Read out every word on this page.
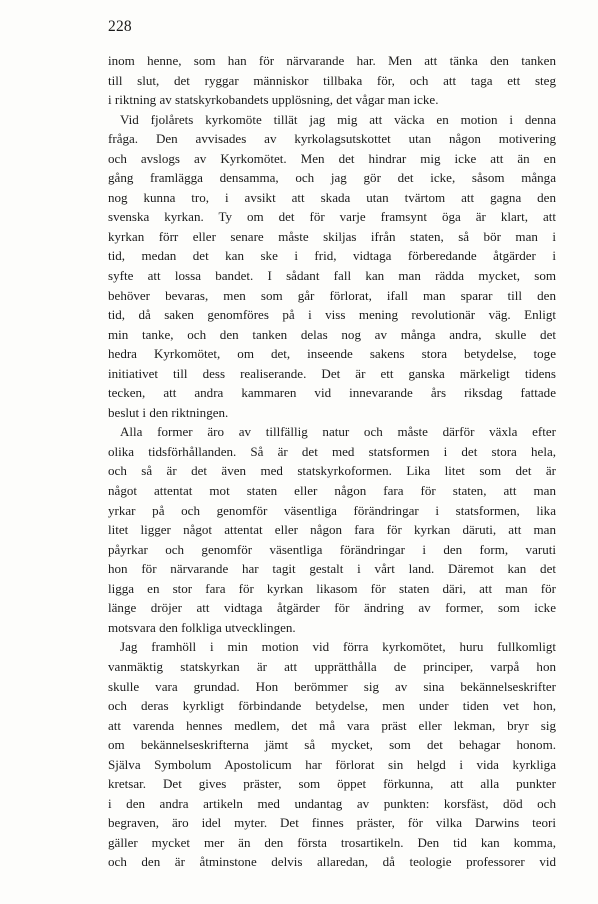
228
inom henne, som han för närvarande har. Men att tänka den tanken
till slut, det ryggar människor tillbaka för, och att taga ett steg
i riktning av statskyrkobandets upplösning, det vågar man icke.
Vid fjolårets kyrkomöte tillät jag mig att väcka en motion i denna
fråga. Den avvisades av kyrkolagsutskottet utan någon motivering
och avslogs av Kyrkomötet. Men det hindrar mig icke att än en
gång framlägga densamma, och jag gör det icke, såsom många
nog kunna tro, i avsikt att skada utan tvärtom att gagna den
svenska kyrkan. Ty om det för varje framsynt öga är klart, att
kyrkan förr eller senare måste skiljas ifrån staten, så bör man i
tid, medan det kan ske i frid, vidtaga förberedande åtgärder i
syfte att lossa bandet. I sådant fall kan man rädda mycket, som
behöver bevaras, men som går förlorat, ifall man sparar till den
tid, då saken genomföres på i viss mening revolutionär väg. Enligt
min tanke, och den tanken delas nog av många andra, skulle det
hedra Kyrkomötet, om det, inseende sakens stora betydelse, toge
initiativet till dess realiserande. Det är ett ganska märkeligt tidens
tecken, att andra kammaren vid innevarande års riksdag fattade
beslut i den riktningen.
Alla former äro av tillfällig natur och måste därför växla efter
olika tidsförhållanden. Så är det med statsformen i det stora hela,
och så är det även med statskyrkoformen. Lika litet som det är
något attentat mot staten eller någon fara för staten, att man
yrkar på och genomför väsentliga förändringar i statsformen, lika
litet ligger något attentat eller någon fara för kyrkan däruti, att man
påyrkar och genomför väsentliga förändringar i den form, varuti
hon för närvarande har tagit gestalt i vårt land. Däremot kan det
ligga en stor fara för kyrkan likasom för staten däri, att man för
länge dröjer att vidtaga åtgärder för ändring av former, som icke
motsvara den folkliga utvecklingen.
Jag framhöll i min motion vid förra kyrkomötet, huru fullkomligt
vanmäktig statskyrkan är att upprätthålla de principer, varpå hon
skulle vara grundad. Hon berömmer sig av sina bekännelseskrifter
och deras kyrkligt förbindande betydelse, men under tiden vet hon,
att varenda hennes medlem, det må vara präst eller lekman, bryr sig
om bekännelseskrifterna jämt så mycket, som det behagar honom.
Själva Symbolum Apostolicum har förlorat sin helgd i vida kyrkliga
kretsar. Det gives präster, som öppet förkunna, att alla punkter
i den andra artikeln med undantag av punkten: korsfäst, död och
begraven, äro idel myter. Det finnes präster, för vilka Darwins teori
gäller mycket mer än den första trosartikeln. Den tid kan komma,
och den är åtminstone delvis allaredan, då teologie professorer vid
